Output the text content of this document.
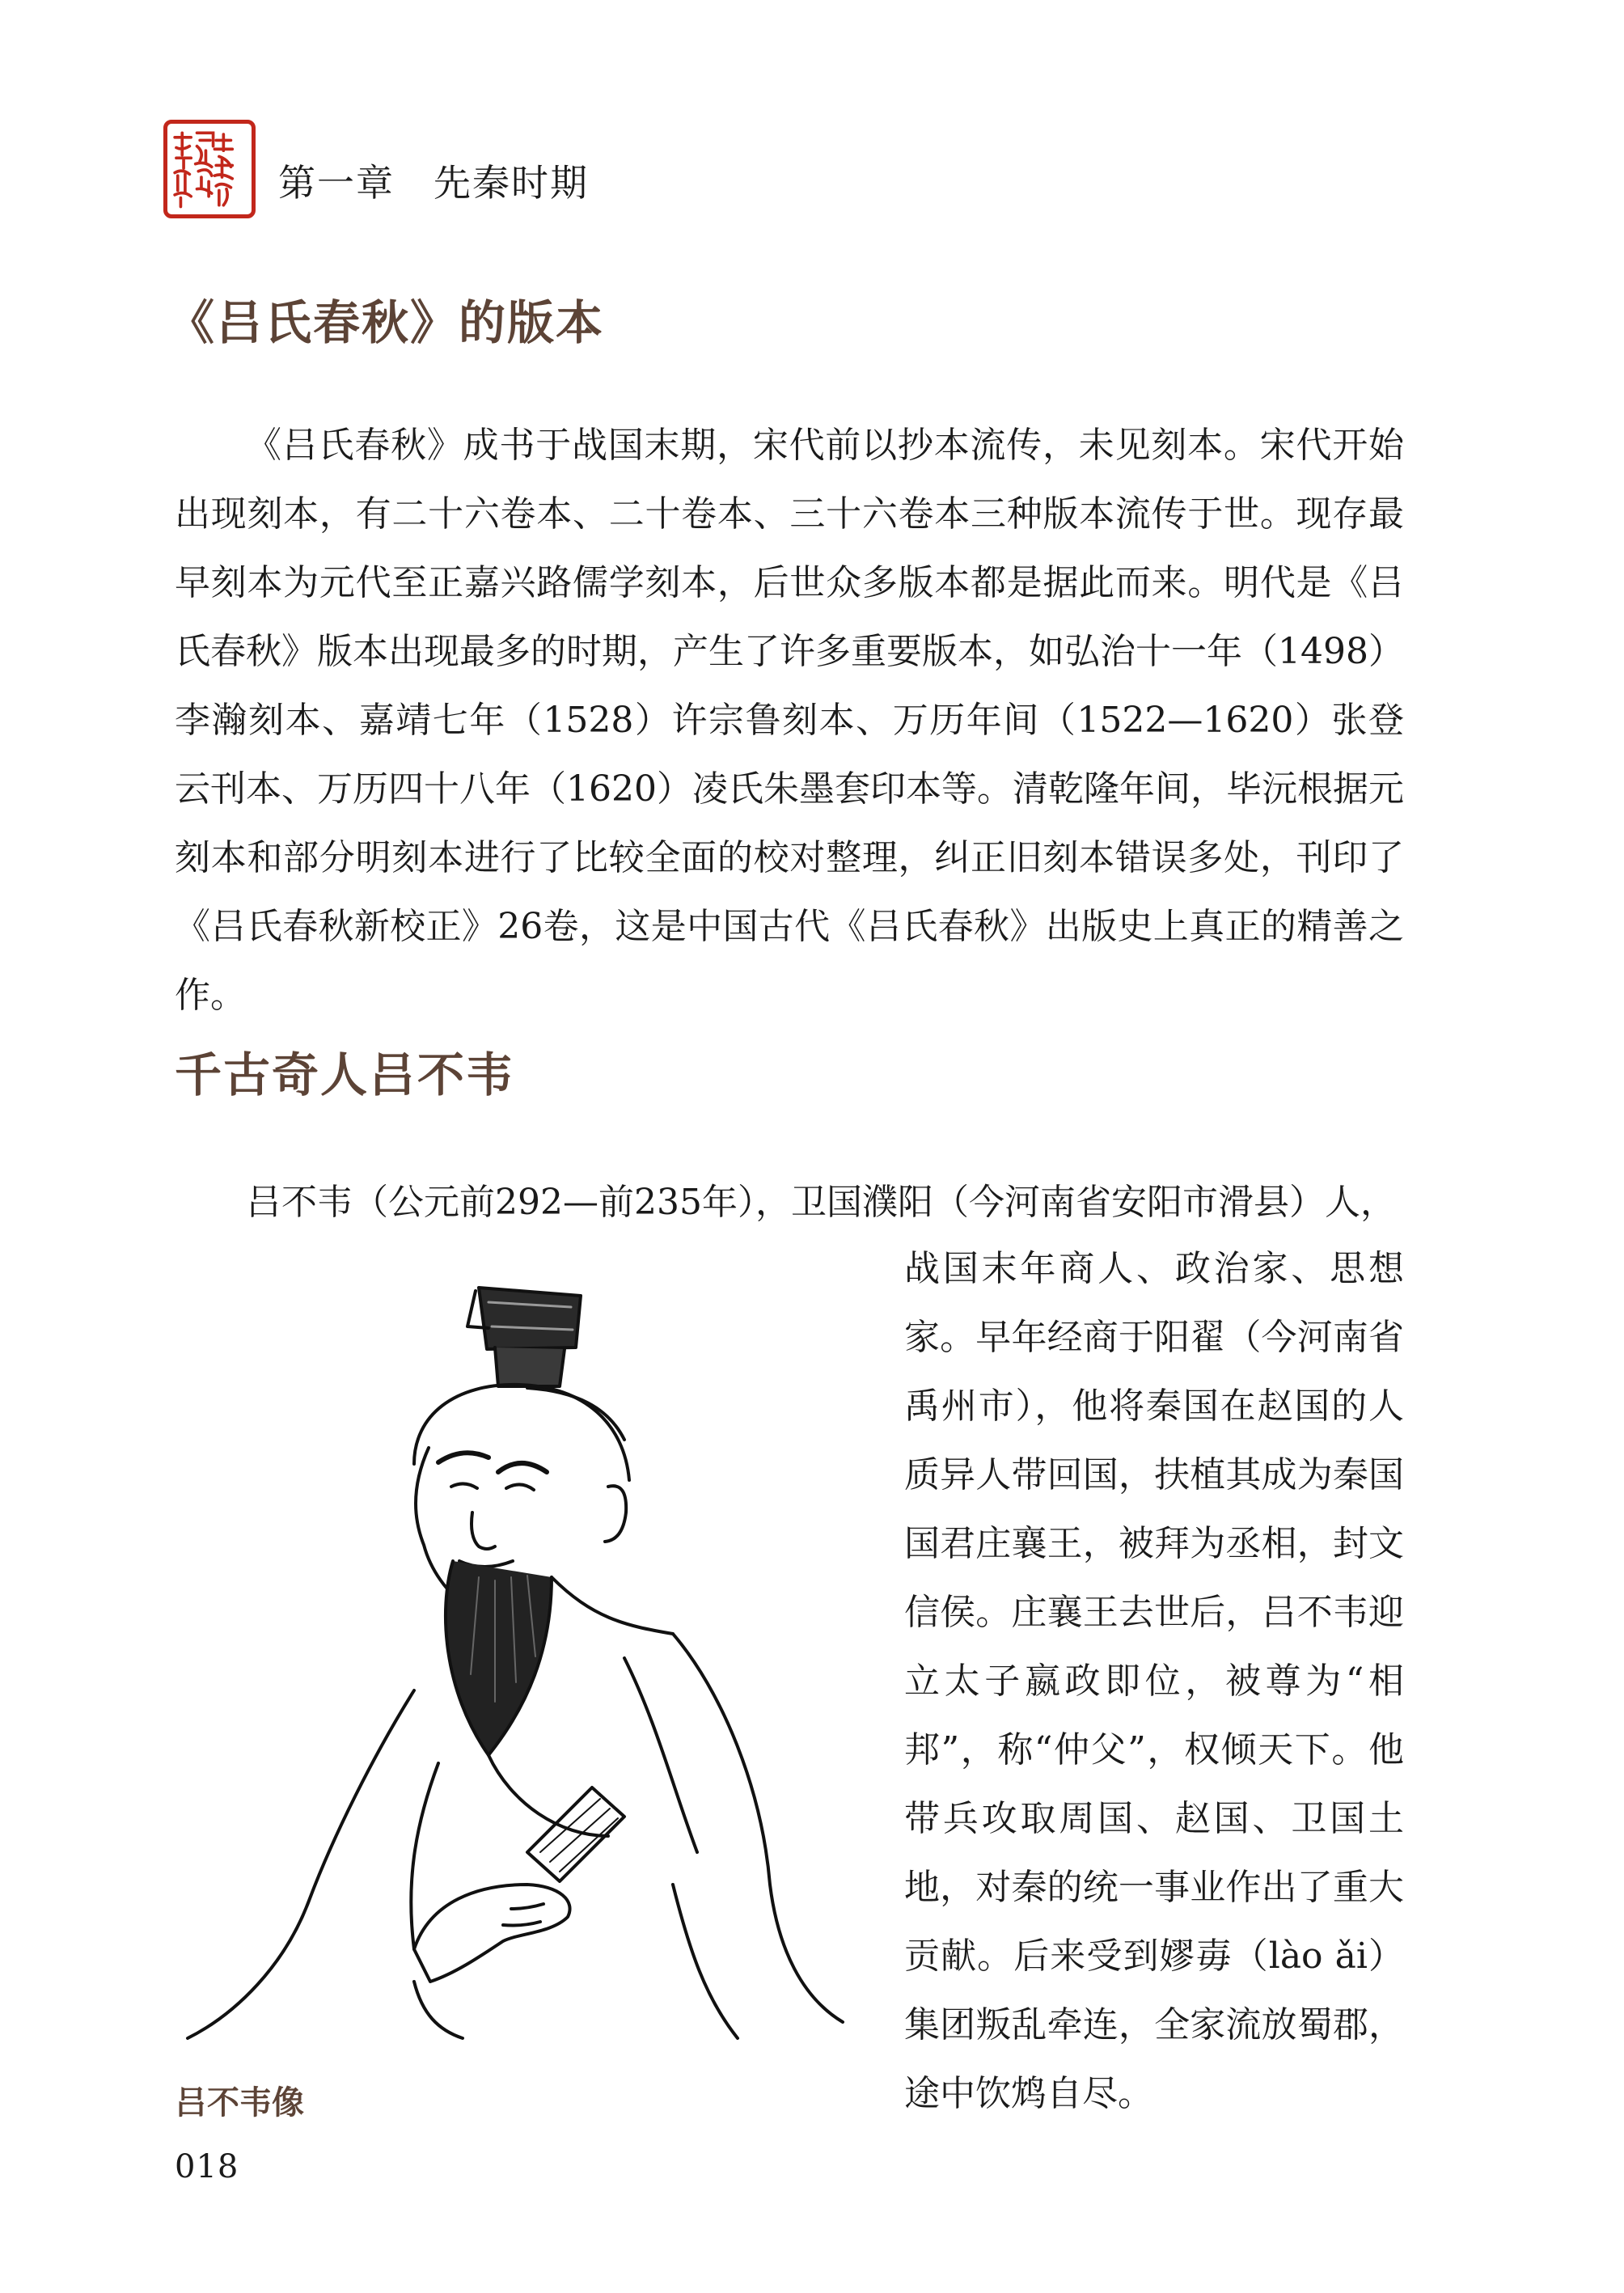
第一章　先秦时期
《吕氏春秋》的版本

《吕氏春秋》成书于战国末期，宋代前以抄本流传，未见刻本。宋代开始出现刻本，有二十六卷本、二十卷本、三十六卷本三种版本流传于世。现存最早刻本为元代至正嘉兴路儒学刻本，后世众多版本都是据此而来。明代是《吕氏春秋》版本出现最多的时期，产生了许多重要版本，如弘治十一年（1498）李瀚刻本、嘉靖七年（1528）许宗鲁刻本、万历年间（1522—1620）张登云刊本、万历四十八年（1620）凌氏朱墨套印本等。清乾隆年间，毕沅根据元刻本和部分明刻本进行了比较全面的校对整理，纠正旧刻本错误多处，刊印了《吕氏春秋新校正》26卷，这是中国古代《吕氏春秋》出版史上真正的精善之作。

千古奇人吕不韦

吕不韦（公元前292—前235年），卫国濮阳（今河南省安阳市滑县）人，

战国末年商人、政治家、思想家。早年经商于阳翟（今河南省禹州市），他将秦国在赵国的人质异人带回国，扶植其成为秦国国君庄襄王，被拜为丞相，封文信侯。庄襄王去世后，吕不韦迎立太子嬴政即位，被尊为“相邦”，称“仲父”，权倾天下。他带兵攻取周国、赵国、卫国土地，对秦的统一事业作出了重大贡献。后来受到嫪毐（lào ǎi）集团叛乱牵连，全家流放蜀郡，途中饮鸩自尽。

吕不韦像
018
